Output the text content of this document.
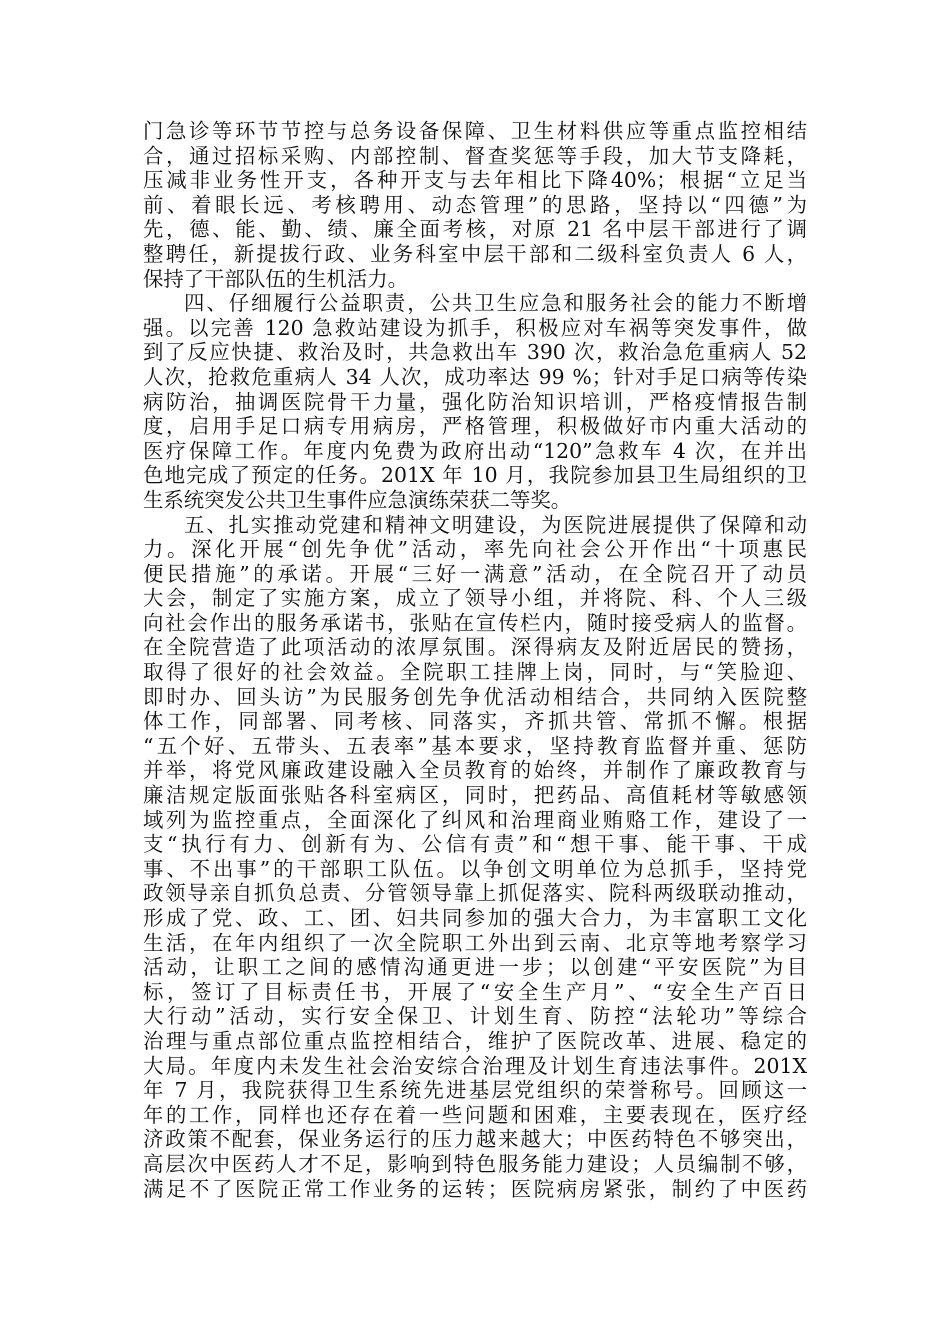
门急诊等环节节控与总务设备保障、卫生材料供应等重点监控相结
合，通过招标采购、内部控制、督查奖惩等手段，加大节支降耗，
压减非业务性开支，各种开支与去年相比下降40%；根据“立足当
前、着眼长远、考核聘用、动态管理”的思路，坚持以“四德”为
先，德、能、勤、绩、廉全面考核，对原 21 名中层干部进行了调
整聘任，新提拔行政、业务科室中层干部和二级科室负责人 6 人，
保持了干部队伍的生机活力。
四、仔细履行公益职责，公共卫生应急和服务社会的能力不断增
强。以完善 120 急救站建设为抓手，积极应对车祸等突发事件，做
到了反应快捷、救治及时，共急救出车 390 次，救治急危重病人 52
人次，抢救危重病人 34 人次，成功率达 99 %；针对手足口病等传染
病防治，抽调医院骨干力量，强化防治知识培训，严格疫情报告制
度，启用手足口病专用病房，严格管理，积极做好市内重大活动的
医疗保障工作。年度内免费为政府出动“120”急救车 4 次，在并出
色地完成了预定的任务。201X 年 10 月，我院参加县卫生局组织的卫
生系统突发公共卫生事件应急演练荣获二等奖。
五、扎实推动党建和精神文明建设，为医院进展提供了保障和动
力。深化开展“创先争优”活动，率先向社会公开作出“十项惠民
便民措施”的承诺。开展“三好一满意”活动，在全院召开了动员
大会，制定了实施方案，成立了领导小组，并将院、科、个人三级
向社会作出的服务承诺书，张贴在宣传栏内，随时接受病人的监督。
在全院营造了此项活动的浓厚氛围。深得病友及附近居民的赞扬，
取得了很好的社会效益。全院职工挂牌上岗，同时，与“笑脸迎、
即时办、回头访”为民服务创先争优活动相结合，共同纳入医院整
体工作，同部署、同考核、同落实，齐抓共管、常抓不懈。根据
“五个好、五带头、五表率”基本要求，坚持教育监督并重、惩防
并举，将党风廉政建设融入全员教育的始终，并制作了廉政教育与
廉洁规定版面张贴各科室病区，同时，把药品、高值耗材等敏感领
域列为监控重点，全面深化了纠风和治理商业贿赂工作，建设了一
支“执行有力、创新有为、公信有责”和“想干事、能干事、干成
事、不出事”的干部职工队伍。以争创文明单位为总抓手，坚持党
政领导亲自抓负总责、分管领导靠上抓促落实、院科两级联动推动，
形成了党、政、工、团、妇共同参加的强大合力，为丰富职工文化
生活，在年内组织了一次全院职工外出到云南、北京等地考察学习
活动，让职工之间的感情沟通更进一步；以创建“平安医院”为目
标，签订了目标责任书，开展了“安全生产月”、“安全生产百日
大行动”活动，实行安全保卫、计划生育、防控“法轮功”等综合
治理与重点部位重点监控相结合，维护了医院改革、进展、稳定的
大局。年度内未发生社会治安综合治理及计划生育违法事件。201X
年 7 月，我院获得卫生系统先进基层党组织的荣誉称号。回顾这一
年的工作，同样也还存在着一些问题和困难，主要表现在，医疗经
济政策不配套，保业务运行的压力越来越大；中医药特色不够突出，
高层次中医药人才不足，影响到特色服务能力建设；人员编制不够，
满足不了医院正常工作业务的运转；医院病房紧张，制约了中医药
